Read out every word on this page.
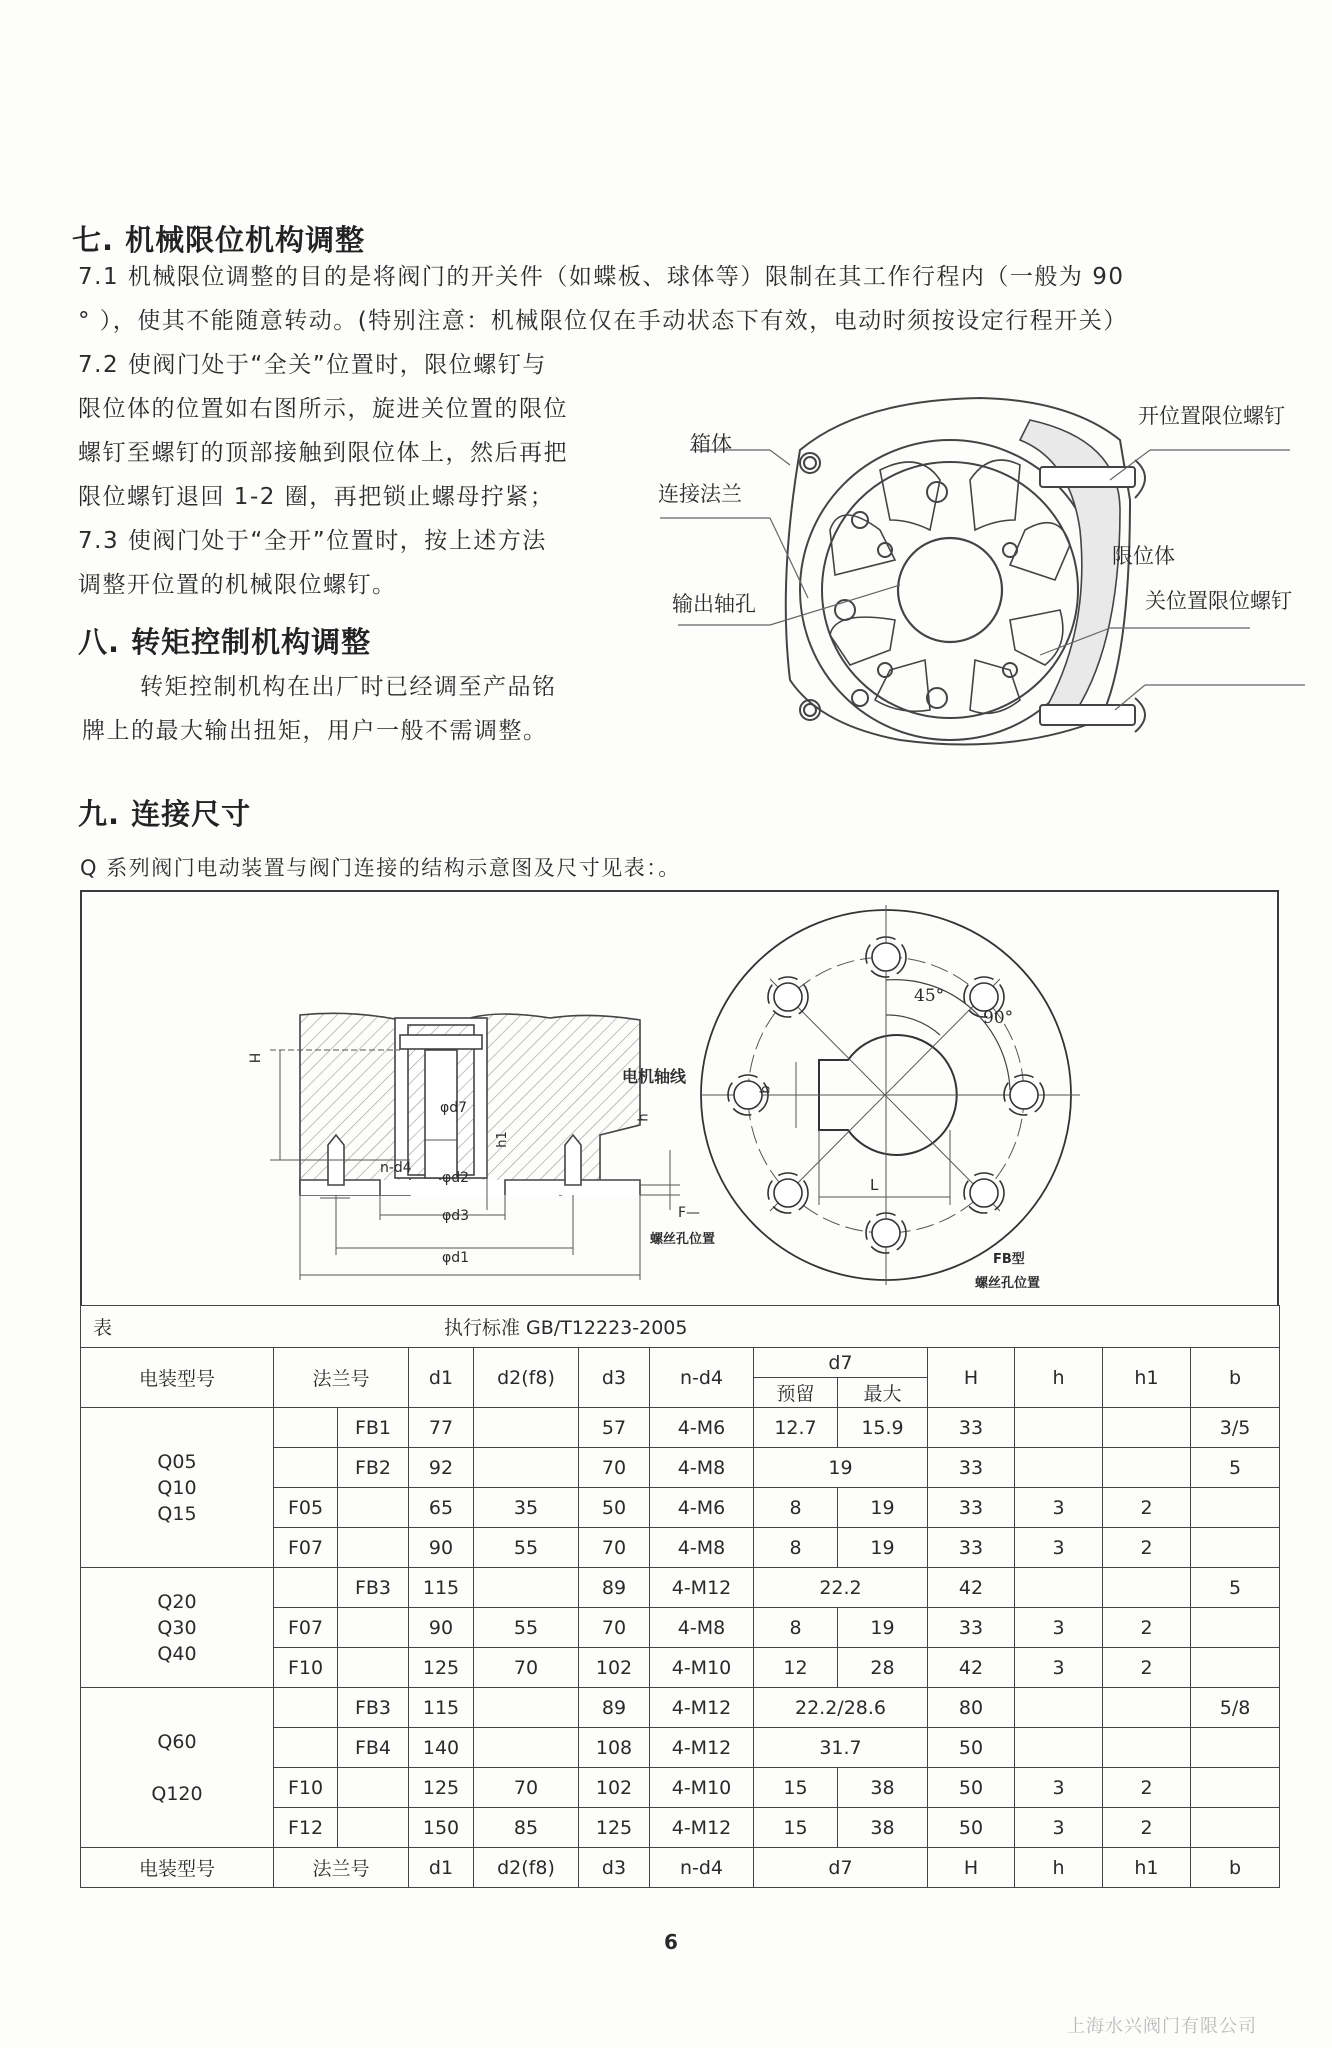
七. 机械限位机构调整
7.1 机械限位调整的目的是将阀门的开关件（如蝶板、球体等）限制在其工作行程内（一般为 90
° ），使其不能随意转动。(特别注意：机械限位仅在手动状态下有效，电动时须按设定行程开关）
7.2 使阀门处于“全关”位置时，限位螺钉与
限位体的位置如右图所示，旋进关位置的限位
螺钉至螺钉的顶部接触到限位体上，然后再把
限位螺钉退回 1-2 圈，再把锁止螺母拧紧；
7.3 使阀门处于“全开”位置时，按上述方法
调整开位置的机械限位螺钉。
箱体
连接法兰
输出轴孔
开位置限位螺钉
限位体
关位置限位螺钉
八. 转矩控制机构调整
转矩控制机构在出厂时已经调至产品铭
牌上的最大输出扭矩，用户一般不需调整。
九. 连接尺寸
Q 系列阀门电动装置与阀门连接的结构示意图及尺寸见表：。
H
φd7
h
h1
n-d4
φd2
φd3
φd1
电机轴线
F—
螺丝孔位置
45°
90°
b
L
FB型
螺丝孔位置
表 执行标准 GB/T12223-2005												

电装型号	法兰号		d1	d2(f8)	d3	n-d4	d7		H	h	h1	b
							预留	最大				
Q05
Q10
Q15		FB1	77		57	4-M6	12.7	15.9	33			3/5
		FB2	92		70	4-M8	19		33			5
	F05		65	35	50	4-M6	8	19	33	3	2	
	F07		90	55	70	4-M8	8	19	33	3	2	
Q20
Q30
Q40		FB3	115		89	4-M12	22.2		42			5
	F07		90	55	70	4-M8	8	19	33	3	2	
	F10		125	70	102	4-M10	12	28	42	3	2	
Q60

Q120		FB3	115		89	4-M12	22.2/28.6		80			5/8
		FB4	140		108	4-M12	31.7		50			
	F10		125	70	102	4-M10	15	38	50	3	2	
	F12		150	85	125	4-M12	15	38	50	3	2	
电装型号	法兰号		d1	d2(f8)	d3	n-d4	d7		H	h	h1	b
6
上海水兴阀门有限公司
